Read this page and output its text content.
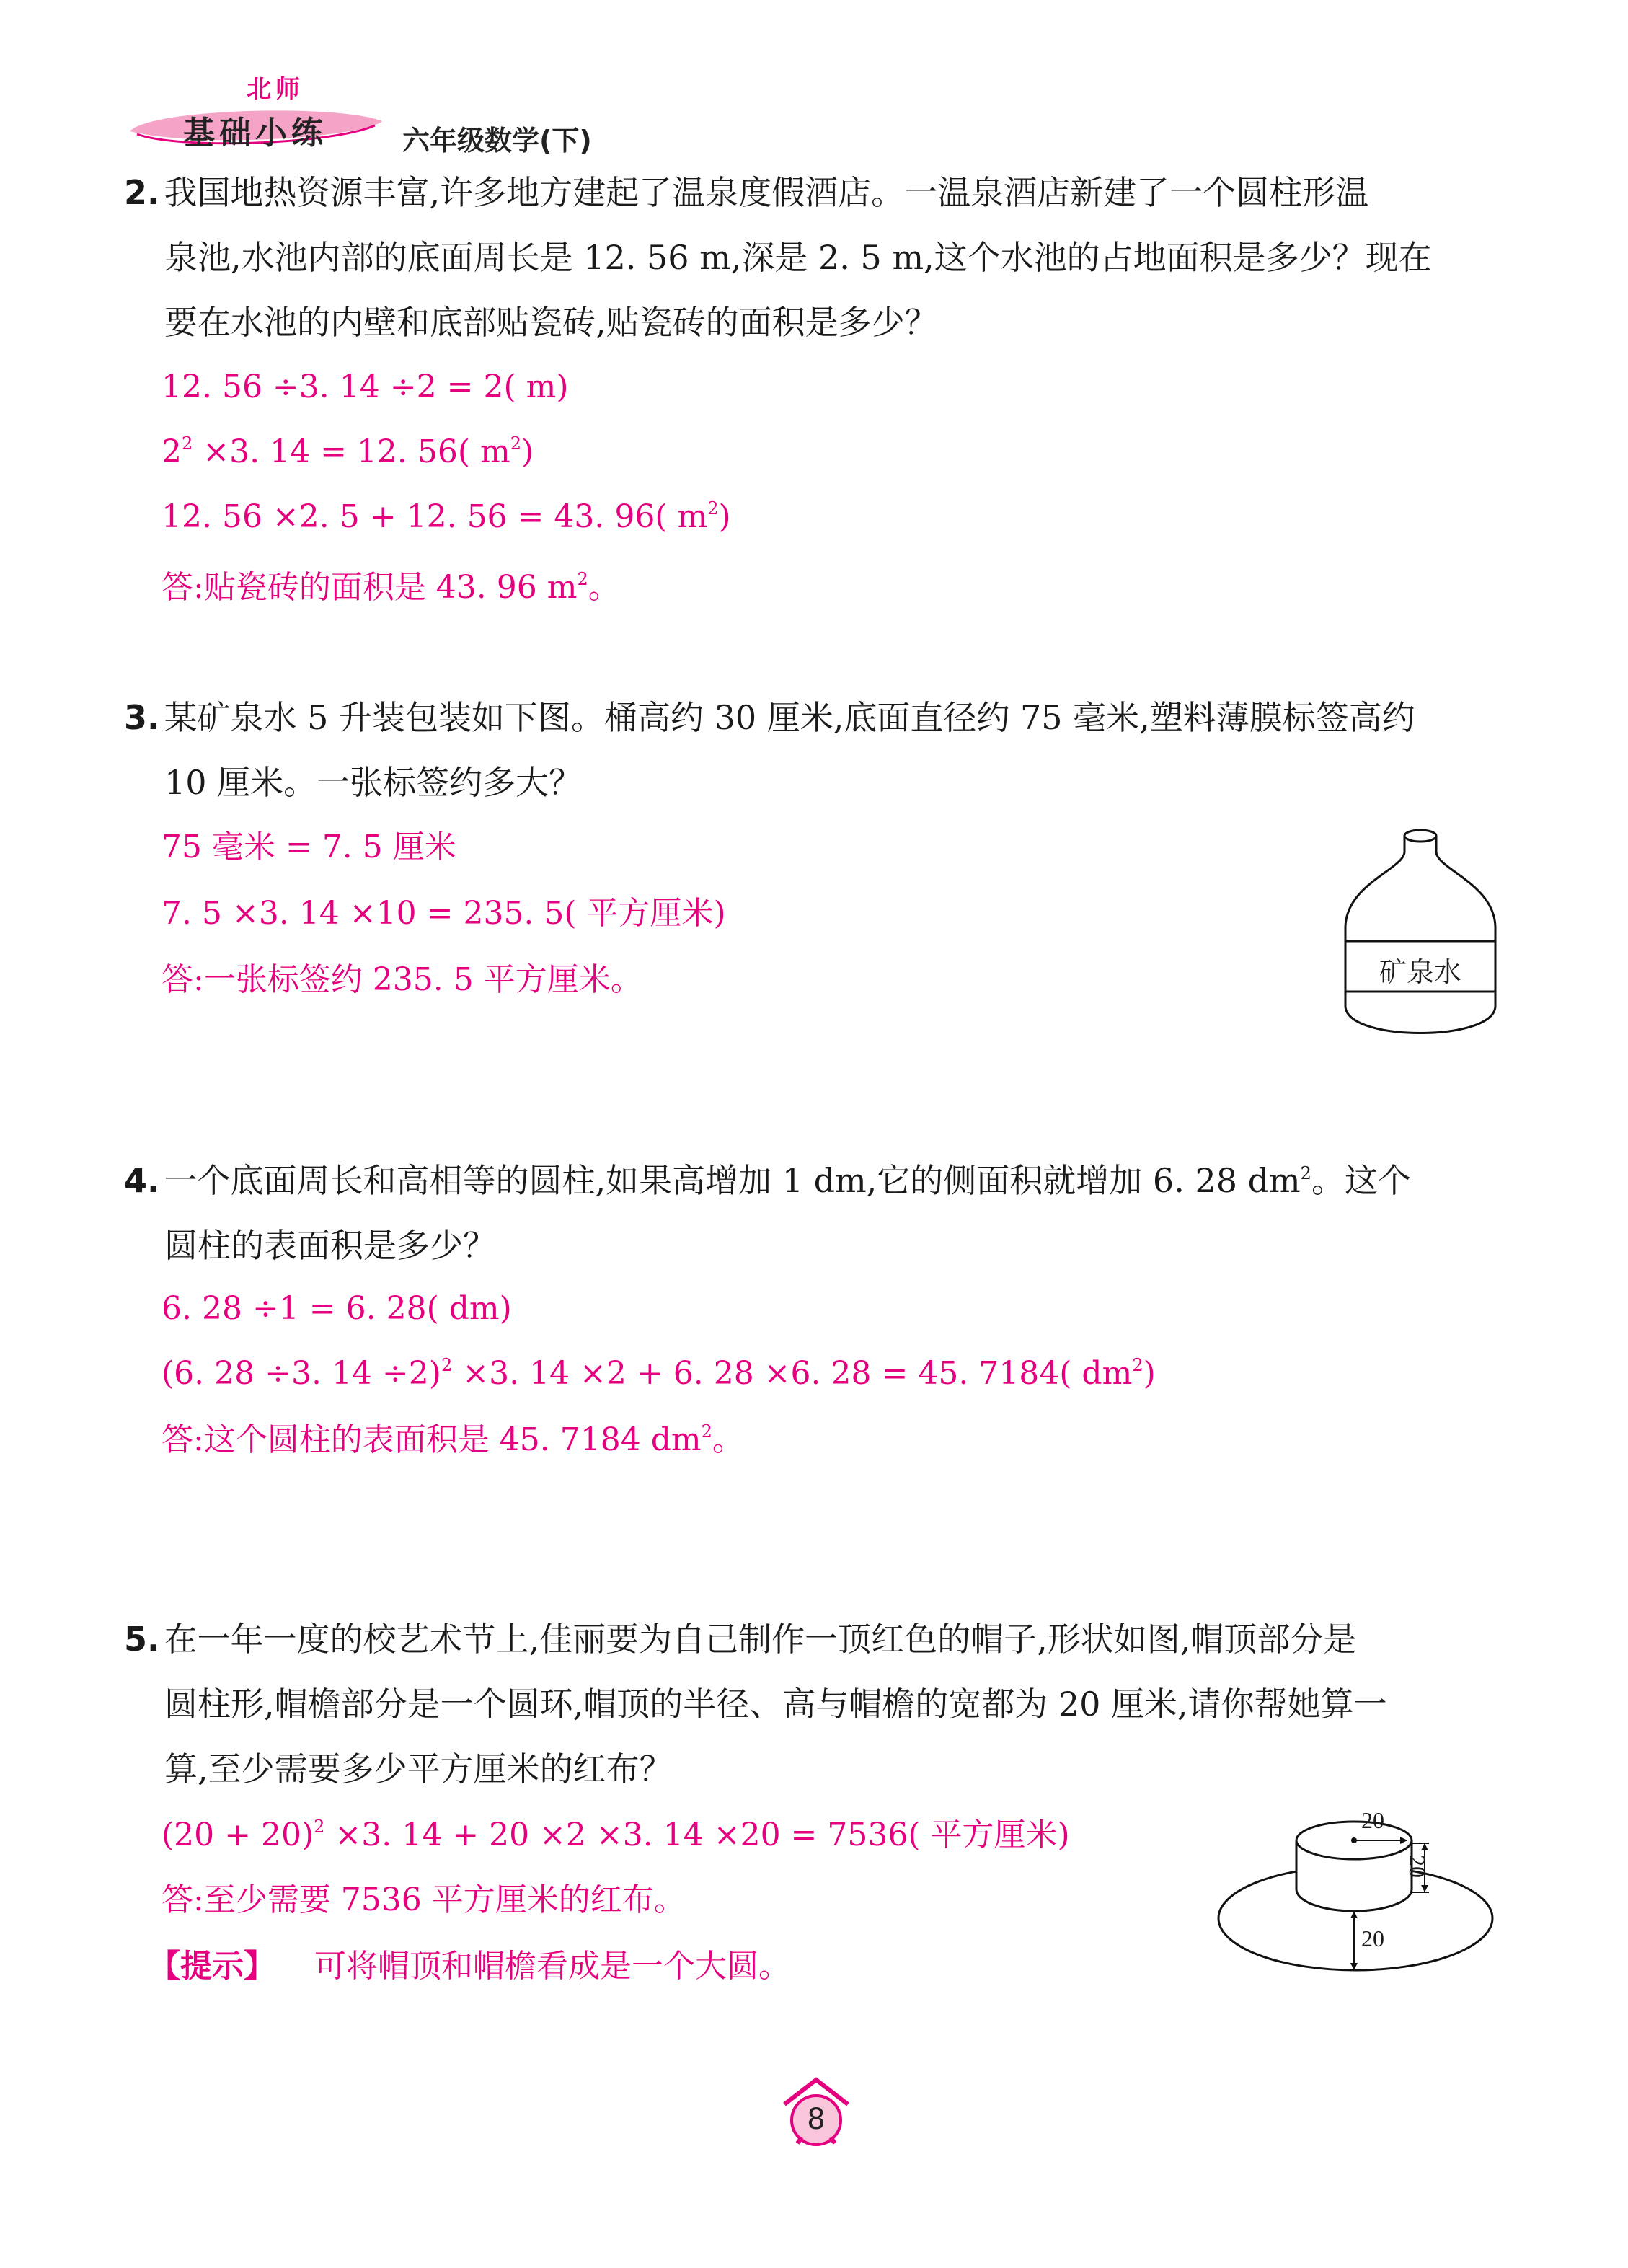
北师
基础小练	六年级数学(下)

2. 我国地热资源丰富,许多地方建起了温泉度假酒店。一温泉酒店新建了一个圆柱形温
泉池,水池内部的底面周长是 12. 56 m,深是 2. 5 m,这个水池的占地面积是多少？现在
要在水池的内壁和底部贴瓷砖,贴瓷砖的面积是多少？

12. 56 ÷3. 14 ÷2 = 2( m)
$2^2 \times 3$. 14 = 12. 56( $m^2$)
12. 56 ×2. 5 + 12. 56 = 43. 96( $m^2$)
答:贴瓷砖的面积是 43. 96 $m^2$。

3. 某矿泉水 5 升装包装如下图。桶高约 30 厘米,底面直径约 75 毫米,塑料薄膜标签高约
10 厘米。一张标签约多大？

75 毫米 = 7. 5 厘米
7. 5 ×3. 14 ×10 = 235. 5( 平方厘米)
答:一张标签约 235. 5 平方厘米。	矿泉水

4. 一个底面周长和高相等的圆柱,如果高增加 1 dm,它的侧面积就增加 6. 28 $dm^2$。这个
圆柱的表面积是多少？

6. 28 ÷1 = 6. 28( dm)
(6. 28 ÷3. 14 ÷2)$^2$ ×3. 14 ×2 + 6. 28 ×6. 28 = 45. 7184( $dm^2$)
答:这个圆柱的表面积是 45. 7184 $dm^2$。

5. 在一年一度的校艺术节上,佳丽要为自己制作一顶红色的帽子,形状如图,帽顶部分是
圆柱形,帽檐部分是一个圆环,帽顶的半径、高与帽檐的宽都为 20 厘米,请你帮她算一
算,至少需要多少平方厘米的红布？

$(20 + 20)^2 \times 3$. 14 + 20 ×2 ×3. 14 ×20 = 7536( 平方厘米)
答:至少需要 7536 平方厘米的红布。
【提示】 可将帽顶和帽檐看成是一个大圆。
20
20
20
8
